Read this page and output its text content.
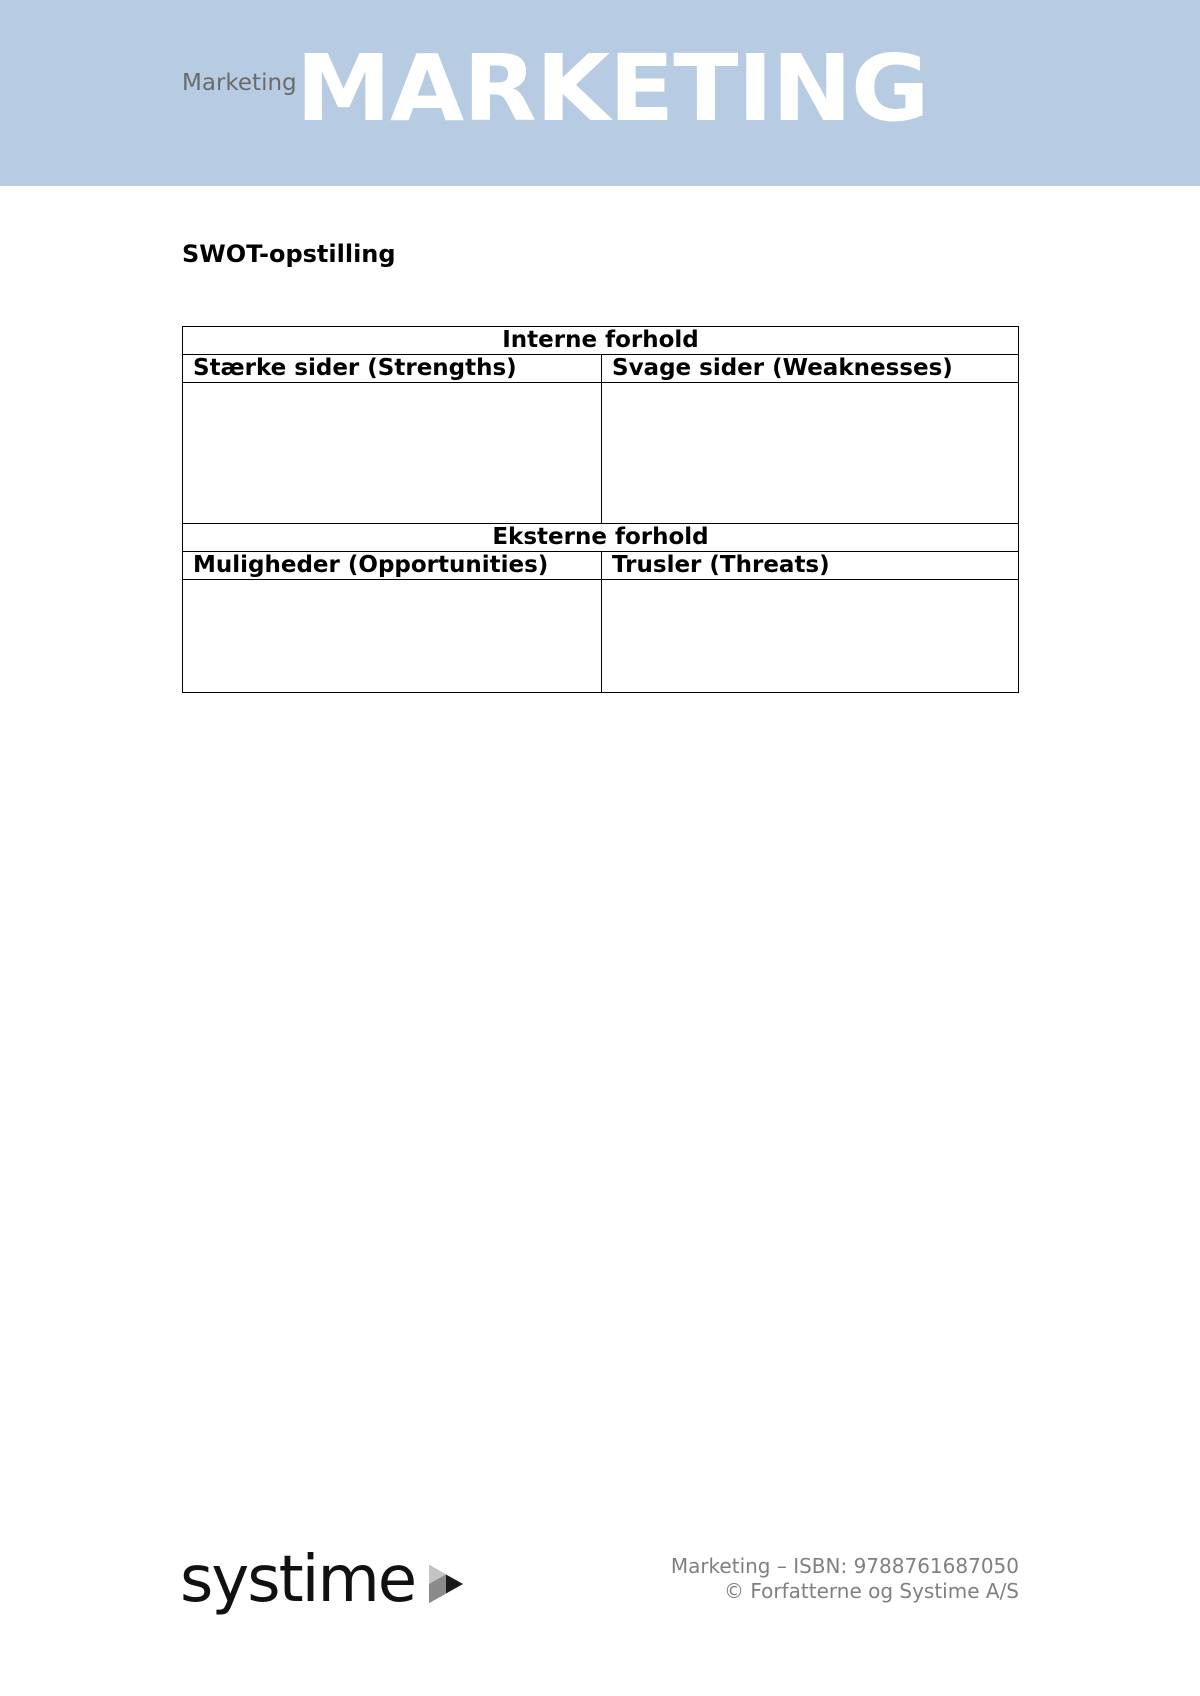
Marketing MARKETING
SWOT-opstilling
Interne forhold	
Stærke sider (Strengths)	Svage sider (Weaknesses)

Eksterne forhold	
Muligheder (Opportunities)	Trusler (Threats)

systime	Marketing – ISBN: 9788761687050
© Forfatterne og Systime A/S
